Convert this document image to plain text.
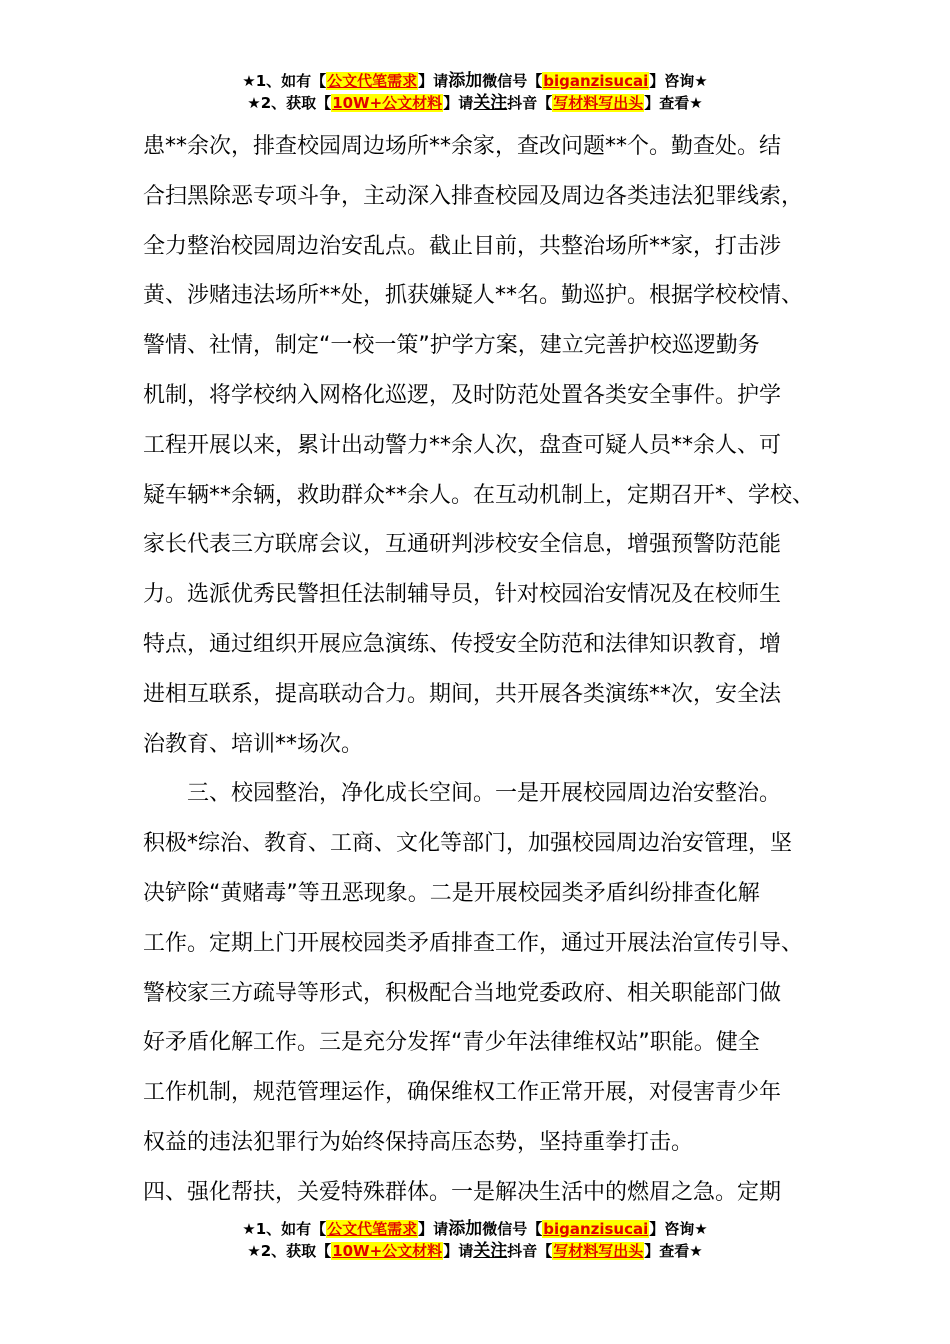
★1、如有【公文代笔需求】请添加微信号【biganzisucai】咨询★
★2、获取【10W+公文材料】请关注抖音【写材料写出头】查看★
患**余次，排查校园周边场所**余家，查改问题**个。勤查处。结
合扫黑除恶专项斗争，主动深入排查校园及周边各类违法犯罪线索，
全力整治校园周边治安乱点。截止目前，共整治场所**家，打击涉
黄、涉赌违法场所**处，抓获嫌疑人**名。勤巡护。根据学校校情、
警情、社情，制定“一校一策”护学方案，建立完善护校巡逻勤务
机制，将学校纳入网格化巡逻，及时防范处置各类安全事件。护学
工程开展以来，累计出动警力**余人次，盘查可疑人员**余人、可
疑车辆**余辆，救助群众**余人。在互动机制上，定期召开*、学校、
家长代表三方联席会议，互通研判涉校安全信息，增强预警防范能
力。选派优秀民警担任法制辅导员，针对校园治安情况及在校师生
特点，通过组织开展应急演练、传授安全防范和法律知识教育，增
进相互联系，提高联动合力。期间，共开展各类演练**次，安全法
治教育、培训**场次。
三、校园整治，净化成长空间。一是开展校园周边治安整治。
积极*综治、教育、工商、文化等部门，加强校园周边治安管理，坚
决铲除“黄赌毒”等丑恶现象。二是开展校园类矛盾纠纷排查化解
工作。定期上门开展校园类矛盾排查工作，通过开展法治宣传引导、
警校家三方疏导等形式，积极配合当地党委政府、相关职能部门做
好矛盾化解工作。三是充分发挥“青少年法律维权站”职能。健全
工作机制，规范管理运作，确保维权工作正常开展，对侵害青少年
权益的违法犯罪行为始终保持高压态势，坚持重拳打击。
四、强化帮扶，关爱特殊群体。一是解决生活中的燃眉之急。定期
★1、如有【公文代笔需求】请添加微信号【biganzisucai】咨询★
★2、获取【10W+公文材料】请关注抖音【写材料写出头】查看★
